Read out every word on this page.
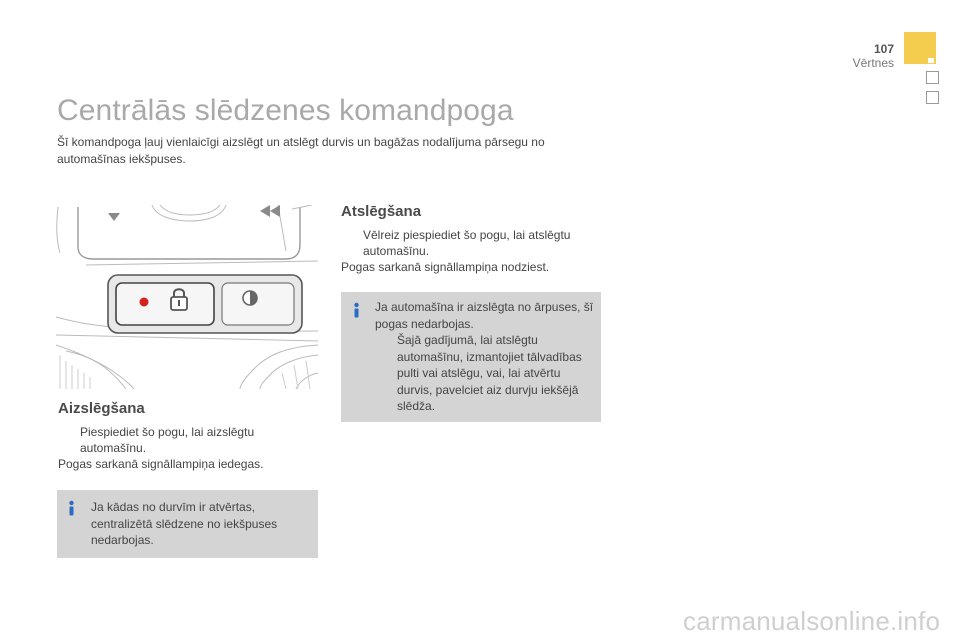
107
Vērtnes
Centrālās slēdzenes komandpoga

Šī komandpoga ļauj vienlaicīgi aizslēgt un atslēgt durvis un bagāžas nodalījuma pārsegu no automašīnas iekšpuses.

Aizslēgšana
Piespiediet šo pogu, lai aizslēgtu automašīnu.

Pogas sarkanā signāllampiņa iedegas.

Ja kādas no durvīm ir atvērtas, centralizētā slēdzene no iekšpuses nedarbojas.

Atslēgšana
Vēlreiz piespiediet šo pogu, lai atslēgtu automašīnu.

Pogas sarkanā signāllampiņa nodziest.

Ja automašīna ir aizslēgta no ārpuses, šī pogas nedarbojas.

Šajā gadījumā, lai atslēgtu automašīnu, izmantojiet tālvadības pulti vai atslēgu, vai, lai atvērtu durvis, pavelciet aiz durvju iekšējā slēdža.
carmanualsonline.info
